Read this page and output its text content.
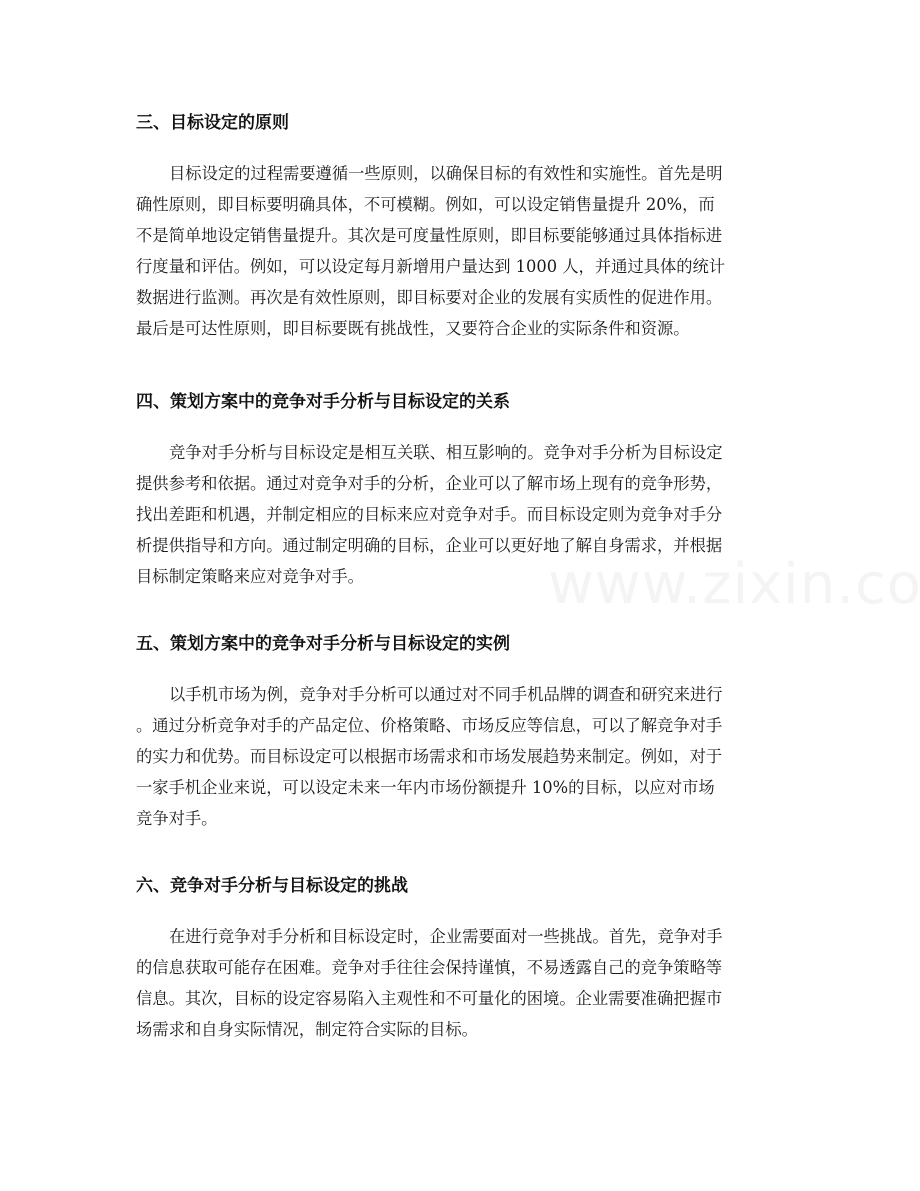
三、目标设定的原则
目标设定的过程需要遵循一些原则，以确保目标的有效性和实施性。首先是明
确性原则，即目标要明确具体，不可模糊。例如，可以设定销售量提升 20%，而
不是简单地设定销售量提升。其次是可度量性原则，即目标要能够通过具体指标进
行度量和评估。例如，可以设定每月新增用户量达到 1000 人，并通过具体的统计
数据进行监测。再次是有效性原则，即目标要对企业的发展有实质性的促进作用。
最后是可达性原则，即目标要既有挑战性，又要符合企业的实际条件和资源。
四、策划方案中的竞争对手分析与目标设定的关系
竞争对手分析与目标设定是相互关联、相互影响的。竞争对手分析为目标设定
提供参考和依据。通过对竞争对手的分析，企业可以了解市场上现有的竞争形势，
找出差距和机遇，并制定相应的目标来应对竞争对手。而目标设定则为竞争对手分
析提供指导和方向。通过制定明确的目标，企业可以更好地了解自身需求，并根据
目标制定策略来应对竞争对手。
五、策划方案中的竞争对手分析与目标设定的实例
以手机市场为例，竞争对手分析可以通过对不同手机品牌的调查和研究来进行
。通过分析竞争对手的产品定位、价格策略、市场反应等信息，可以了解竞争对手
的实力和优势。而目标设定可以根据市场需求和市场发展趋势来制定。例如，对于
一家手机企业来说，可以设定未来一年内市场份额提升 10%的目标，以应对市场
竞争对手。
六、竞争对手分析与目标设定的挑战
在进行竞争对手分析和目标设定时，企业需要面对一些挑战。首先，竞争对手
的信息获取可能存在困难。竞争对手往往会保持谨慎，不易透露自己的竞争策略等
信息。其次，目标的设定容易陷入主观性和不可量化的困境。企业需要准确把握市
场需求和自身实际情况，制定符合实际的目标。
